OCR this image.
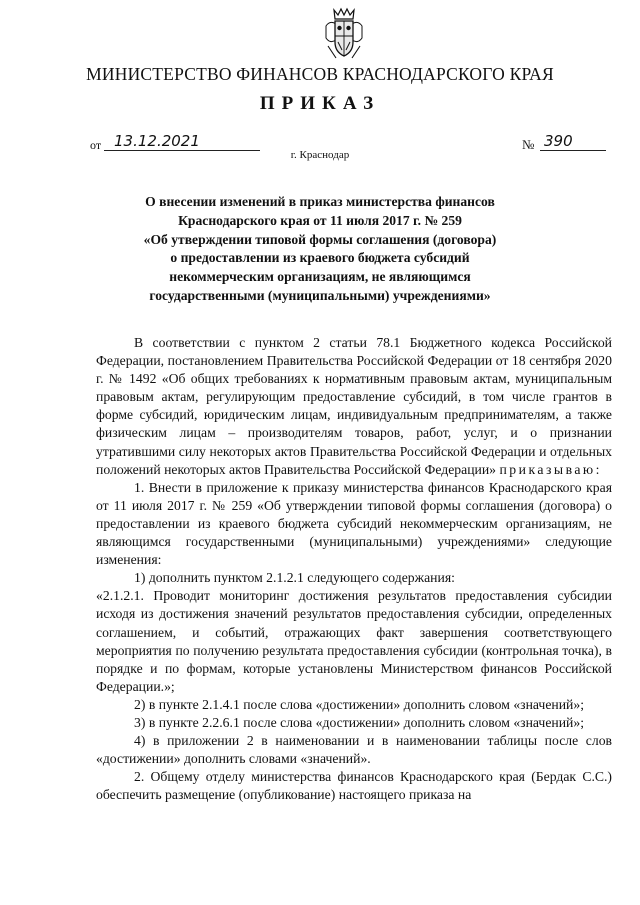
МИНИСТЕРСТВО ФИНАНСОВ КРАСНОДАРСКОГО КРАЯ
ПРИКАЗ
от 13.12.2021	№ 390
г. Краснодар
О внесении изменений в приказ министерства финансов
Краснодарского края от 11 июля 2017 г. № 259
«Об утверждении типовой формы соглашения (договора)
о предоставлении из краевого бюджета субсидий
некоммерческим организациям, не являющимся
государственными (муниципальными) учреждениями»

В соответствии с пунктом 2 статьи 78.1 Бюджетного кодекса Российской Федерации, постановлением Правительства Российской Федерации от 18 сентября 2020 г. № 1492 «Об общих требованиях к нормативным правовым актам, муниципальным правовым актам, регулирующим предоставление субсидий, в том числе грантов в форме субсидий, юридическим лицам, индивидуальным предпринимателям, а также физическим лицам – производителям товаров, работ, услуг, и о признании утратившими силу некоторых актов Правительства Российской Федерации и отдельных положений некоторых актов Правительства Российской Федерации» приказываю:

1. Внести в приложение к приказу министерства финансов Краснодарского края от 11 июля 2017 г. № 259 «Об утверждении типовой формы соглашения (договора) о предоставлении из краевого бюджета субсидий некоммерческим организациям, не являющимся государственными (муниципальными) учреждениями» следующие изменения:

1) дополнить пунктом 2.1.2.1 следующего содержания:

«2.1.2.1. Проводит мониторинг достижения результатов предоставления субсидии исходя из достижения значений результатов предоставления субсидии, определенных соглашением, и событий, отражающих факт завершения соответствующего мероприятия по получению результата предоставления субсидии (контрольная точка), в порядке и по формам, которые установлены Министерством финансов Российской Федерации.»;

2) в пункте 2.1.4.1 после слова «достижении» дополнить словом «значений»;

3) в пункте 2.2.6.1 после слова «достижении» дополнить словом «значений»;

4) в приложении 2 в наименовании и в наименовании таблицы после слов «достижении» дополнить словами «значений».

2. Общему отделу министерства финансов Краснодарского края (Бердак С.С.) обеспечить размещение (опубликование) настоящего приказа на
